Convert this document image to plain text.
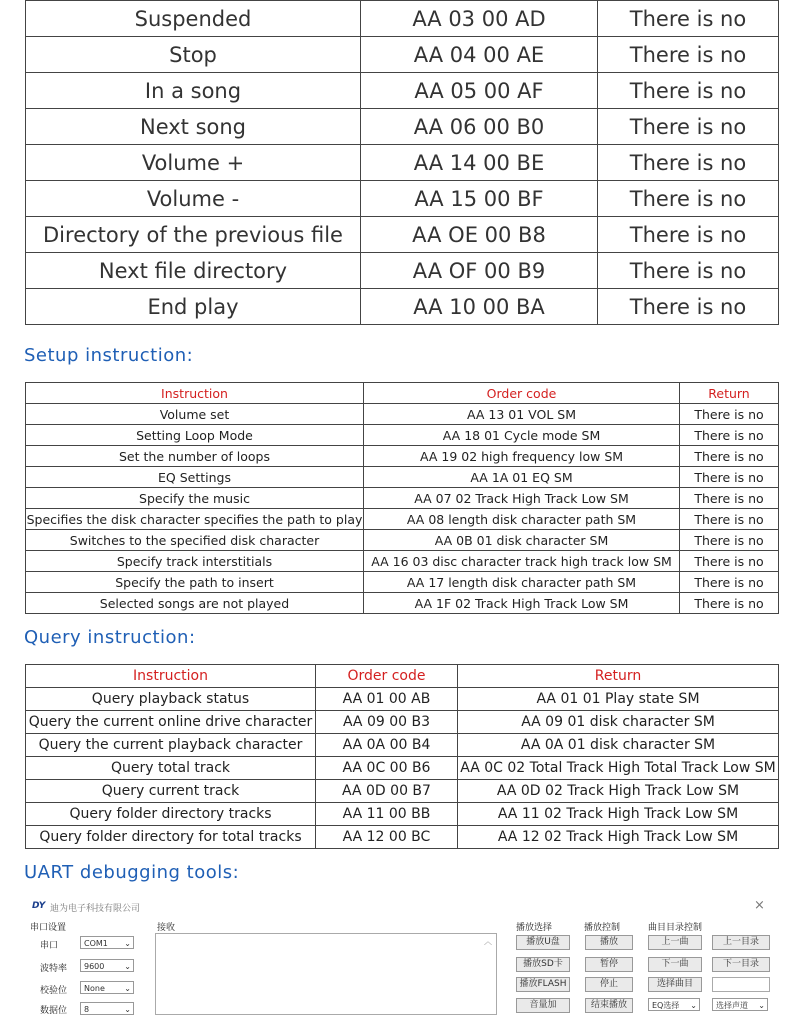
Suspended	AA 03 00 AD	There is no
Stop	AA 04 00 AE	There is no
In a song	AA 05 00 AF	There is no
Next song	AA 06 00 B0	There is no
Volume +	AA 14 00 BE	There is no
Volume -	AA 15 00 BF	There is no
Directory of the previous file	AA OE 00 B8	There is no
Next file directory	AA OF 00 B9	There is no
End play	AA 10 00 BA	There is no
Setup instruction:
Instruction	Order code	Return
Volume set	AA 13 01 VOL SM	There is no
Setting Loop Mode	AA 18 01 Cycle mode SM	There is no
Set the number of loops	AA 19 02 high frequency low SM	There is no
EQ Settings	AA 1A 01 EQ SM	There is no
Specify the music	AA 07 02 Track High Track Low SM	There is no
Specifies the disk character specifies the path to play	AA 08 length disk character path SM	There is no
Switches to the specified disk character	AA 0B 01 disk character SM	There is no
Specify track interstitials	AA 16 03 disc character track high track low SM	There is no
Specify the path to insert	AA 17 length disk character path SM	There is no
Selected songs are not played	AA 1F 02 Track High Track Low SM	There is no
Query instruction:
Instruction	Order code	Return
Query playback status	AA 01 00 AB	AA 01 01 Play state SM
Query the current online drive character	AA 09 00 B3	AA 09 01 disk character SM
Query the current playback character	AA 0A 00 B4	AA 0A 01 disk character SM
Query total track	AA 0C 00 B6	AA 0C 02 Total Track High Total Track Low SM
Query current track	AA 0D 00 B7	AA 0D 02 Track High Track Low SM
Query folder directory tracks	AA 11 00 BB	AA 11 02 Track High Track Low SM
Query folder directory for total tracks	AA 12 00 BC	AA 12 02 Track High Track Low SM
UART debugging tools:
DY 迪为电子科技有限公司	×
串口设置
串口	COM1 ⌄
波特率	9600 ⌄
校验位	None ⌄
数据位	8	⌄
接收
︿
播放选择
播放U盘
播放SD卡
播放FLASH
音量加
播放控制
播放
暂停
停止
结束播放
曲目目录控制
上一曲
下一曲
选择曲目
EQ选择 ⌄
上一目录
下一目录
选择声道 ⌄
